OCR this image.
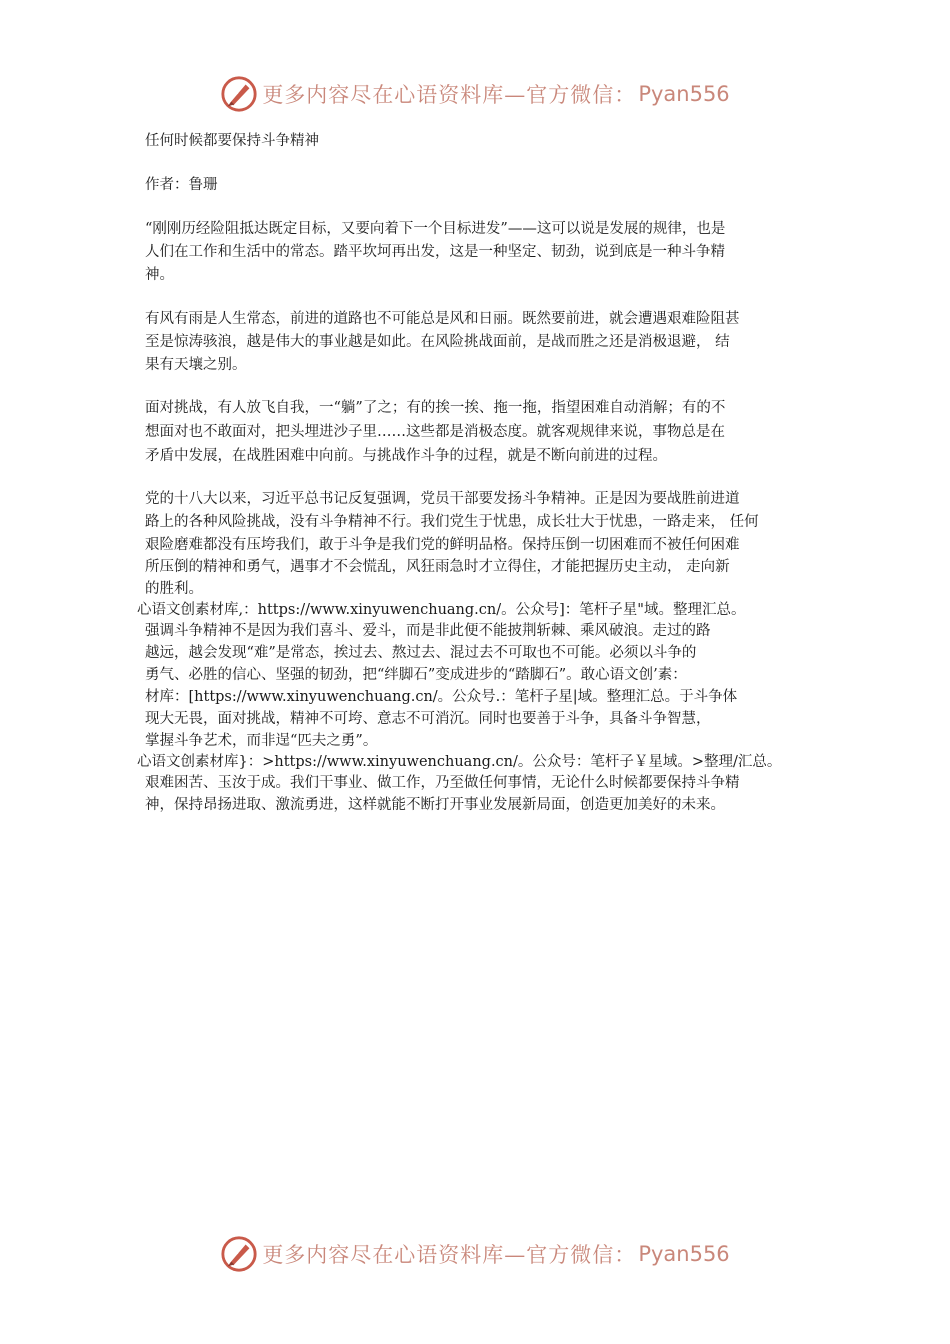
更多内容尽在心语资料库—官方微信： Pyan556
任何时候都要保持斗争精神
作者：鲁珊
“刚刚历经险阻抵达既定目标，又要向着下一个目标进发”——这可以说是发展的规律，也是
人们在工作和生活中的常态。踏平坎坷再出发，这是一种坚定、韧劲，说到底是一种斗争精
神。
有风有雨是人生常态，前进的道路也不可能总是风和日丽。既然要前进，就会遭遇艰难险阻甚
至是惊涛骇浪，越是伟大的事业越是如此。在风险挑战面前，是战而胜之还是消极退避， 结
果有天壤之别。
面对挑战，有人放飞自我，一“躺”了之；有的挨一挨、拖一拖，指望困难自动消解；有的不
想面对也不敢面对，把头埋进沙子里……这些都是消极态度。就客观规律来说，事物总是在
矛盾中发展，在战胜困难中向前。与挑战作斗争的过程，就是不断向前进的过程。
党的十八大以来，习近平总书记反复强调，党员干部要发扬斗争精神。正是因为要战胜前进道
路上的各种风险挑战，没有斗争精神不行。我们党生于忧患，成长壮大于忧患，一路走来， 任何
艰险磨难都没有压垮我们，敢于斗争是我们党的鲜明品格。保持压倒一切困难而不被任何困难
所压倒的精神和勇气，遇事才不会慌乱，风狂雨急时才立得住，才能把握历史主动， 走向新
的胜利。
心语文创素材库,：https://www.xinyuwenchuang.cn/。公众号]：笔杆子星"域。整理汇总。
强调斗争精神不是因为我们喜斗、爱斗，而是非此便不能披荆斩棘、乘风破浪。走过的路
越远，越会发现“难”是常态，挨过去、熬过去、混过去不可取也不可能。必须以斗争的
勇气、必胜的信心、坚强的韧劲，把“绊脚石”变成进步的“踏脚石”。敢心语文创’素：
材库：[https://www.xinyuwenchuang.cn/。公众号.：笔杆子星|域。整理汇总。于斗争体
现大无畏，面对挑战，精神不可垮、意志不可消沉。同时也要善于斗争，具备斗争智慧，
掌握斗争艺术，而非逞“匹夫之勇”。
心语文创素材库}：>https://www.xinyuwenchuang.cn/。公众号：笔杆子￥星域。>整理/汇总。
艰难困苦、玉汝于成。我们干事业、做工作，乃至做任何事情，无论什么时候都要保持斗争精
神，保持昂扬进取、激流勇进，这样就能不断打开事业发展新局面，创造更加美好的未来。
更多内容尽在心语资料库—官方微信： Pyan556
